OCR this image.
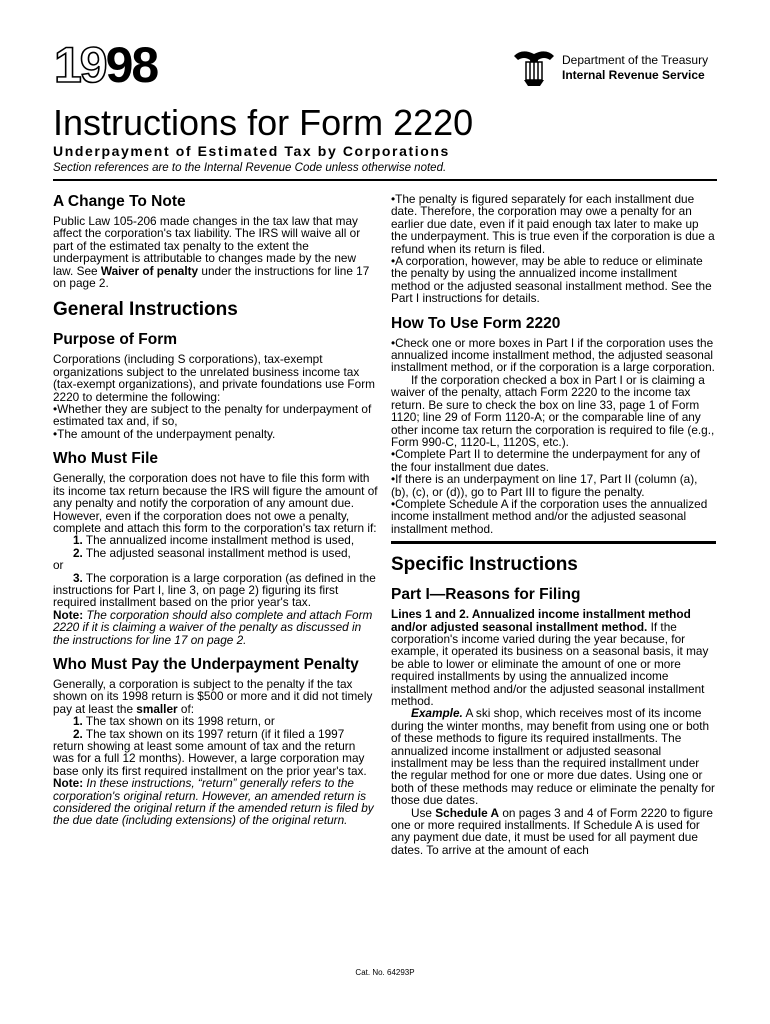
1998	Department of the Treasury
Internal Revenue Service
Instructions for Form 2220
Underpayment of Estimated Tax by Corporations
Section references are to the Internal Revenue Code unless otherwise noted.

A Change To Note

Public Law 105-206 made changes in the tax law that may affect the corporation's tax liability. The IRS will waive all or part of the estimated tax penalty to the extent the underpayment is attributable to changes made by the new law. See Waiver of penalty under the instructions for line 17 on page 2.

General Instructions

Purpose of Form

Corporations (including S corporations), tax-exempt organizations subject to the unrelated business income tax (tax-exempt organizations), and private foundations use Form 2220 to determine the following:

• Whether they are subject to the penalty for underpayment of estimated tax and, if so,

• The amount of the underpayment penalty.

Who Must File

Generally, the corporation does not have to file this form with its income tax return because the IRS will figure the amount of any penalty and notify the corporation of any amount due. However, even if the corporation does not owe a penalty, complete and attach this form to the corporation's tax return if:

1. The annualized income installment method is used,

2. The adjusted seasonal installment method is used,

or

3. The corporation is a large corporation (as defined in the instructions for Part I, line 3, on page 2) figuring its first required installment based on the prior year's tax.

Note: The corporation should also complete and attach Form 2220 if it is claiming a waiver of the penalty as discussed in the instructions for line 17 on page 2.

Who Must Pay the Underpayment Penalty

Generally, a corporation is subject to the penalty if the tax shown on its 1998 return is $500 or more and it did not timely pay at least the smaller of:

1. The tax shown on its 1998 return, or

2. The tax shown on its 1997 return (if it filed a 1997 return showing at least some amount of tax and the return was for a full 12 months). However, a large corporation may base only its first required installment on the prior year's tax.

Note: In these instructions, “return” generally refers to the corporation's original return. However, an amended return is considered the original return if the amended return is filed by the due date (including extensions) of the original return.

• The penalty is figured separately for each installment due date. Therefore, the corporation may owe a penalty for an earlier due date, even if it paid enough tax later to make up the underpayment. This is true even if the corporation is due a refund when its return is filed.

• A corporation, however, may be able to reduce or eliminate the penalty by using the annualized income installment method or the adjusted seasonal installment method. See the Part I instructions for details.

How To Use Form 2220

• Check one or more boxes in Part I if the corporation uses the annualized income installment method, the adjusted seasonal installment method, or if the corporation is a large corporation.

If the corporation checked a box in Part I or is claiming a waiver of the penalty, attach Form 2220 to the income tax return. Be sure to check the box on line 33, page 1 of Form 1120; line 29 of Form 1120-A; or the comparable line of any other income tax return the corporation is required to file (e.g., Form 990-C, 1120-L, 1120S, etc.).

• Complete Part II to determine the underpayment for any of the four installment due dates.

• If there is an underpayment on line 17, Part II (column (a), (b), (c), or (d)), go to Part III to figure the penalty.

• Complete Schedule A if the corporation uses the annualized income installment method and/or the adjusted seasonal installment method.

Specific Instructions

Part I—Reasons for Filing

Lines 1 and 2. Annualized income installment method and/or adjusted seasonal installment method. If the corporation's income varied during the year because, for example, it operated its business on a seasonal basis, it may be able to lower or eliminate the amount of one or more required installments by using the annualized income installment method and/or the adjusted seasonal installment method.

Example. A ski shop, which receives most of its income during the winter months, may benefit from using one or both of these methods to figure its required installments. The annualized income installment or adjusted seasonal installment may be less than the required installment under the regular method for one or more due dates. Using one or both of these methods may reduce or eliminate the penalty for those due dates.

Use Schedule A on pages 3 and 4 of Form 2220 to figure one or more required installments. If Schedule A is used for any payment due date, it must be used for all payment due dates. To arrive at the amount of each

Cat. No. 64293P
